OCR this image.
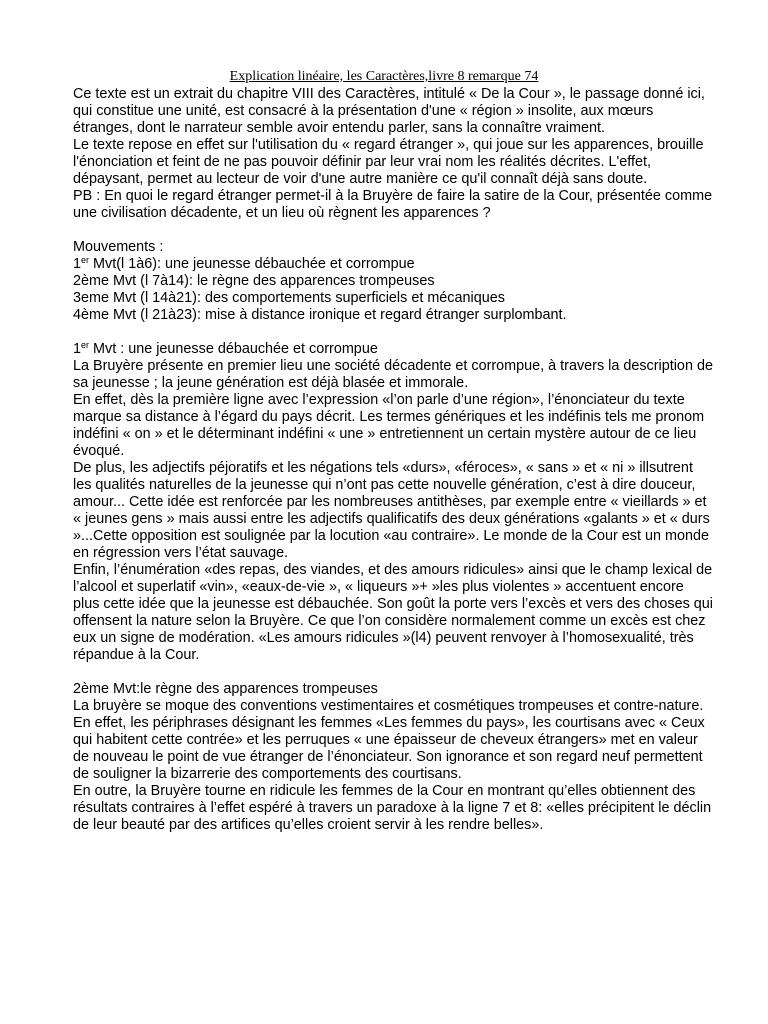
Explication linéaire, les Caractères,livre 8 remarque 74

Ce texte est un extrait du chapitre VIII des Caractères, intitulé « De la Cour », le passage donné ici, qui constitue une unité, est consacré à la présentation d'une « région » insolite, aux mœurs étranges, dont le narrateur semble avoir entendu parler, sans la connaître vraiment.

Le texte repose en effet sur l'utilisation du « regard étranger », qui joue sur les apparences, brouille l'énonciation et feint de ne pas pouvoir définir par leur vrai nom les réalités décrites. L'effet, dépaysant, permet au lecteur de voir d'une autre manière ce qu'il connaît déjà sans doute.

PB : En quoi le regard étranger permet-il à la Bruyère de faire la satire de la Cour, présentée comme une civilisation décadente, et un lieu où règnent les apparences ?

Mouvements :

1er Mvt(l 1à6): une jeunesse débauchée et corrompue

2ème Mvt (l 7à14): le règne des apparences trompeuses

3eme Mvt (l 14à21): des comportements superficiels et mécaniques

4ème Mvt (l 21à23): mise à distance ironique et regard étranger surplombant.

1er Mvt : une jeunesse débauchée et corrompue

La Bruyère présente en premier lieu une société décadente et corrompue, à travers la description de sa jeunesse ; la jeune génération est déjà blasée et immorale.

En effet, dès la première ligne avec l’expression «l’on parle d’une région», l’énonciateur du texte marque sa distance à l’égard du pays décrit. Les termes génériques et les indéfinis tels me pronom indéfini « on » et le déterminant indéfini « une » entretiennent un certain mystère autour de ce lieu évoqué.

De plus, les adjectifs péjoratifs et les négations tels «durs», «féroces», « sans » et « ni » illsutrent les qualités naturelles de la jeunesse qui n’ont pas cette nouvelle génération, c’est à dire douceur, amour... Cette idée est renforcée par les nombreuses antithèses, par exemple entre « vieillards » et « jeunes gens » mais aussi entre les adjectifs qualificatifs des deux générations «galants » et « durs »...Cette opposition est soulignée par la locution «au contraire». Le monde de la Cour est un monde en régression vers l’état sauvage.

Enfin, l’énumération «des repas, des viandes, et des amours ridicules» ainsi que le champ lexical de l’alcool et superlatif «vin», «eaux-de-vie », « liqueurs »+ »les plus violentes » accentuent encore plus cette idée que la jeunesse est débauchée. Son goût la porte vers l’excès et vers des choses qui offensent la nature selon la Bruyère. Ce que l’on considère normalement comme un excès est chez eux un signe de modération. «Les amours ridicules »(l4) peuvent renvoyer à l’homosexualité, très répandue à la Cour.

2ème Mvt:le règne des apparences trompeuses

La bruyère se moque des conventions vestimentaires et cosmétiques trompeuses et contre-nature.

En effet, les périphrases désignant les femmes «Les femmes du pays», les courtisans avec « Ceux qui habitent cette contrée» et les perruques « une épaisseur de cheveux étrangers» met en valeur de nouveau le point de vue étranger de l’énonciateur. Son ignorance et son regard neuf permettent de souligner la bizarrerie des comportements des courtisans.

En outre, la Bruyère tourne en ridicule les femmes de la Cour en montrant qu’elles obtiennent des résultats contraires à l’effet espéré à travers un paradoxe à la ligne 7 et 8: «elles précipitent le déclin de leur beauté par des artifices qu’elles croient servir à les rendre belles».
